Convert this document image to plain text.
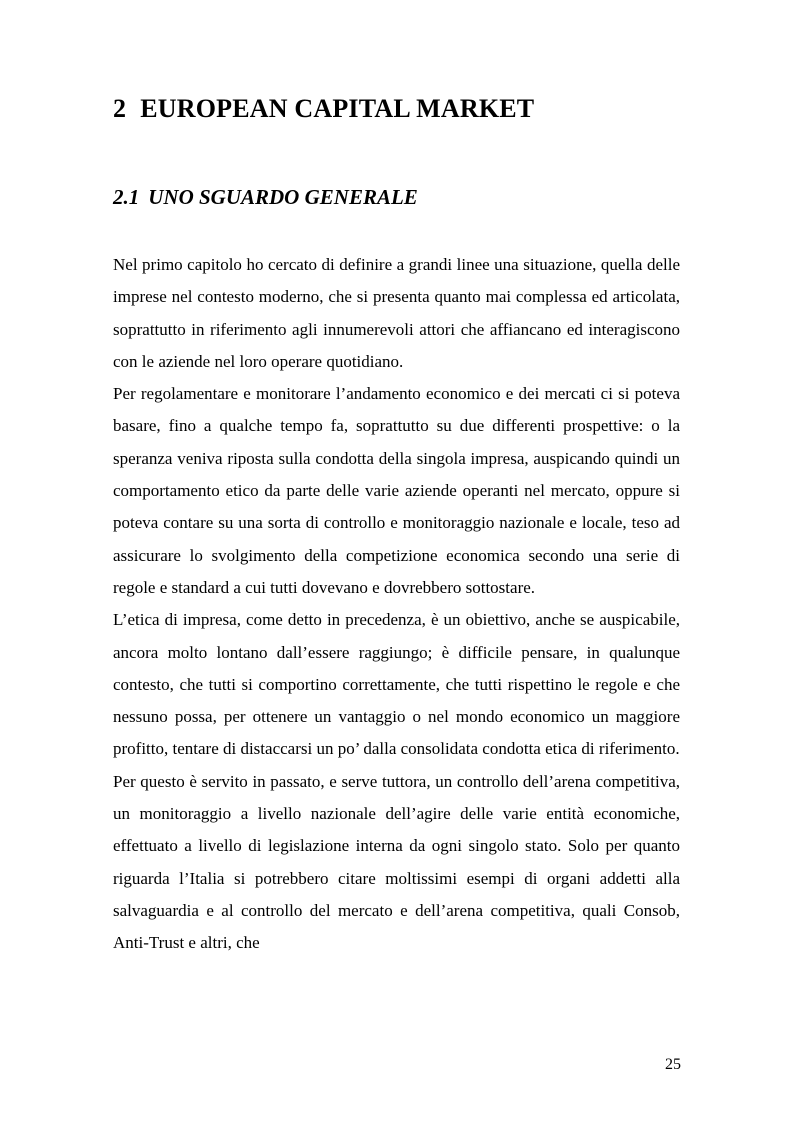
2 EUROPEAN CAPITAL MARKET
2.1 UNO SGUARDO GENERALE

Nel primo capitolo ho cercato di definire a grandi linee una situazione, quella delle imprese nel contesto moderno, che si presenta quanto mai complessa ed articolata, soprattutto in riferimento agli innumerevoli attori che affiancano ed interagiscono con le aziende nel loro operare quotidiano.

Per regolamentare e monitorare l’andamento economico e dei mercati ci si poteva basare, fino a qualche tempo fa, soprattutto su due differenti prospettive: o la speranza veniva riposta sulla condotta della singola impresa, auspicando quindi un comportamento etico da parte delle varie aziende operanti nel mercato, oppure si poteva contare su una sorta di controllo e monitoraggio nazionale e locale, teso ad assicurare lo svolgimento della competizione economica secondo una serie di regole e standard a cui tutti dovevano e dovrebbero sottostare.

L’etica di impresa, come detto in precedenza, è un obiettivo, anche se auspicabile, ancora molto lontano dall’essere raggiungo; è difficile pensare, in qualunque contesto, che tutti si comportino correttamente, che tutti rispettino le regole e che nessuno possa, per ottenere un vantaggio o nel mondo economico un maggiore profitto, tentare di distaccarsi un po’ dalla consolidata condotta etica di riferimento.

Per questo è servito in passato, e serve tuttora, un controllo dell’arena competitiva, un monitoraggio a livello nazionale dell’agire delle varie entità economiche, effettuato a livello di legislazione interna da ogni singolo stato. Solo per quanto riguarda l’Italia si potrebbero citare moltissimi esempi di organi addetti alla salvaguardia e al controllo del mercato e dell’arena competitiva, quali Consob, Anti-Trust e altri, che

25
